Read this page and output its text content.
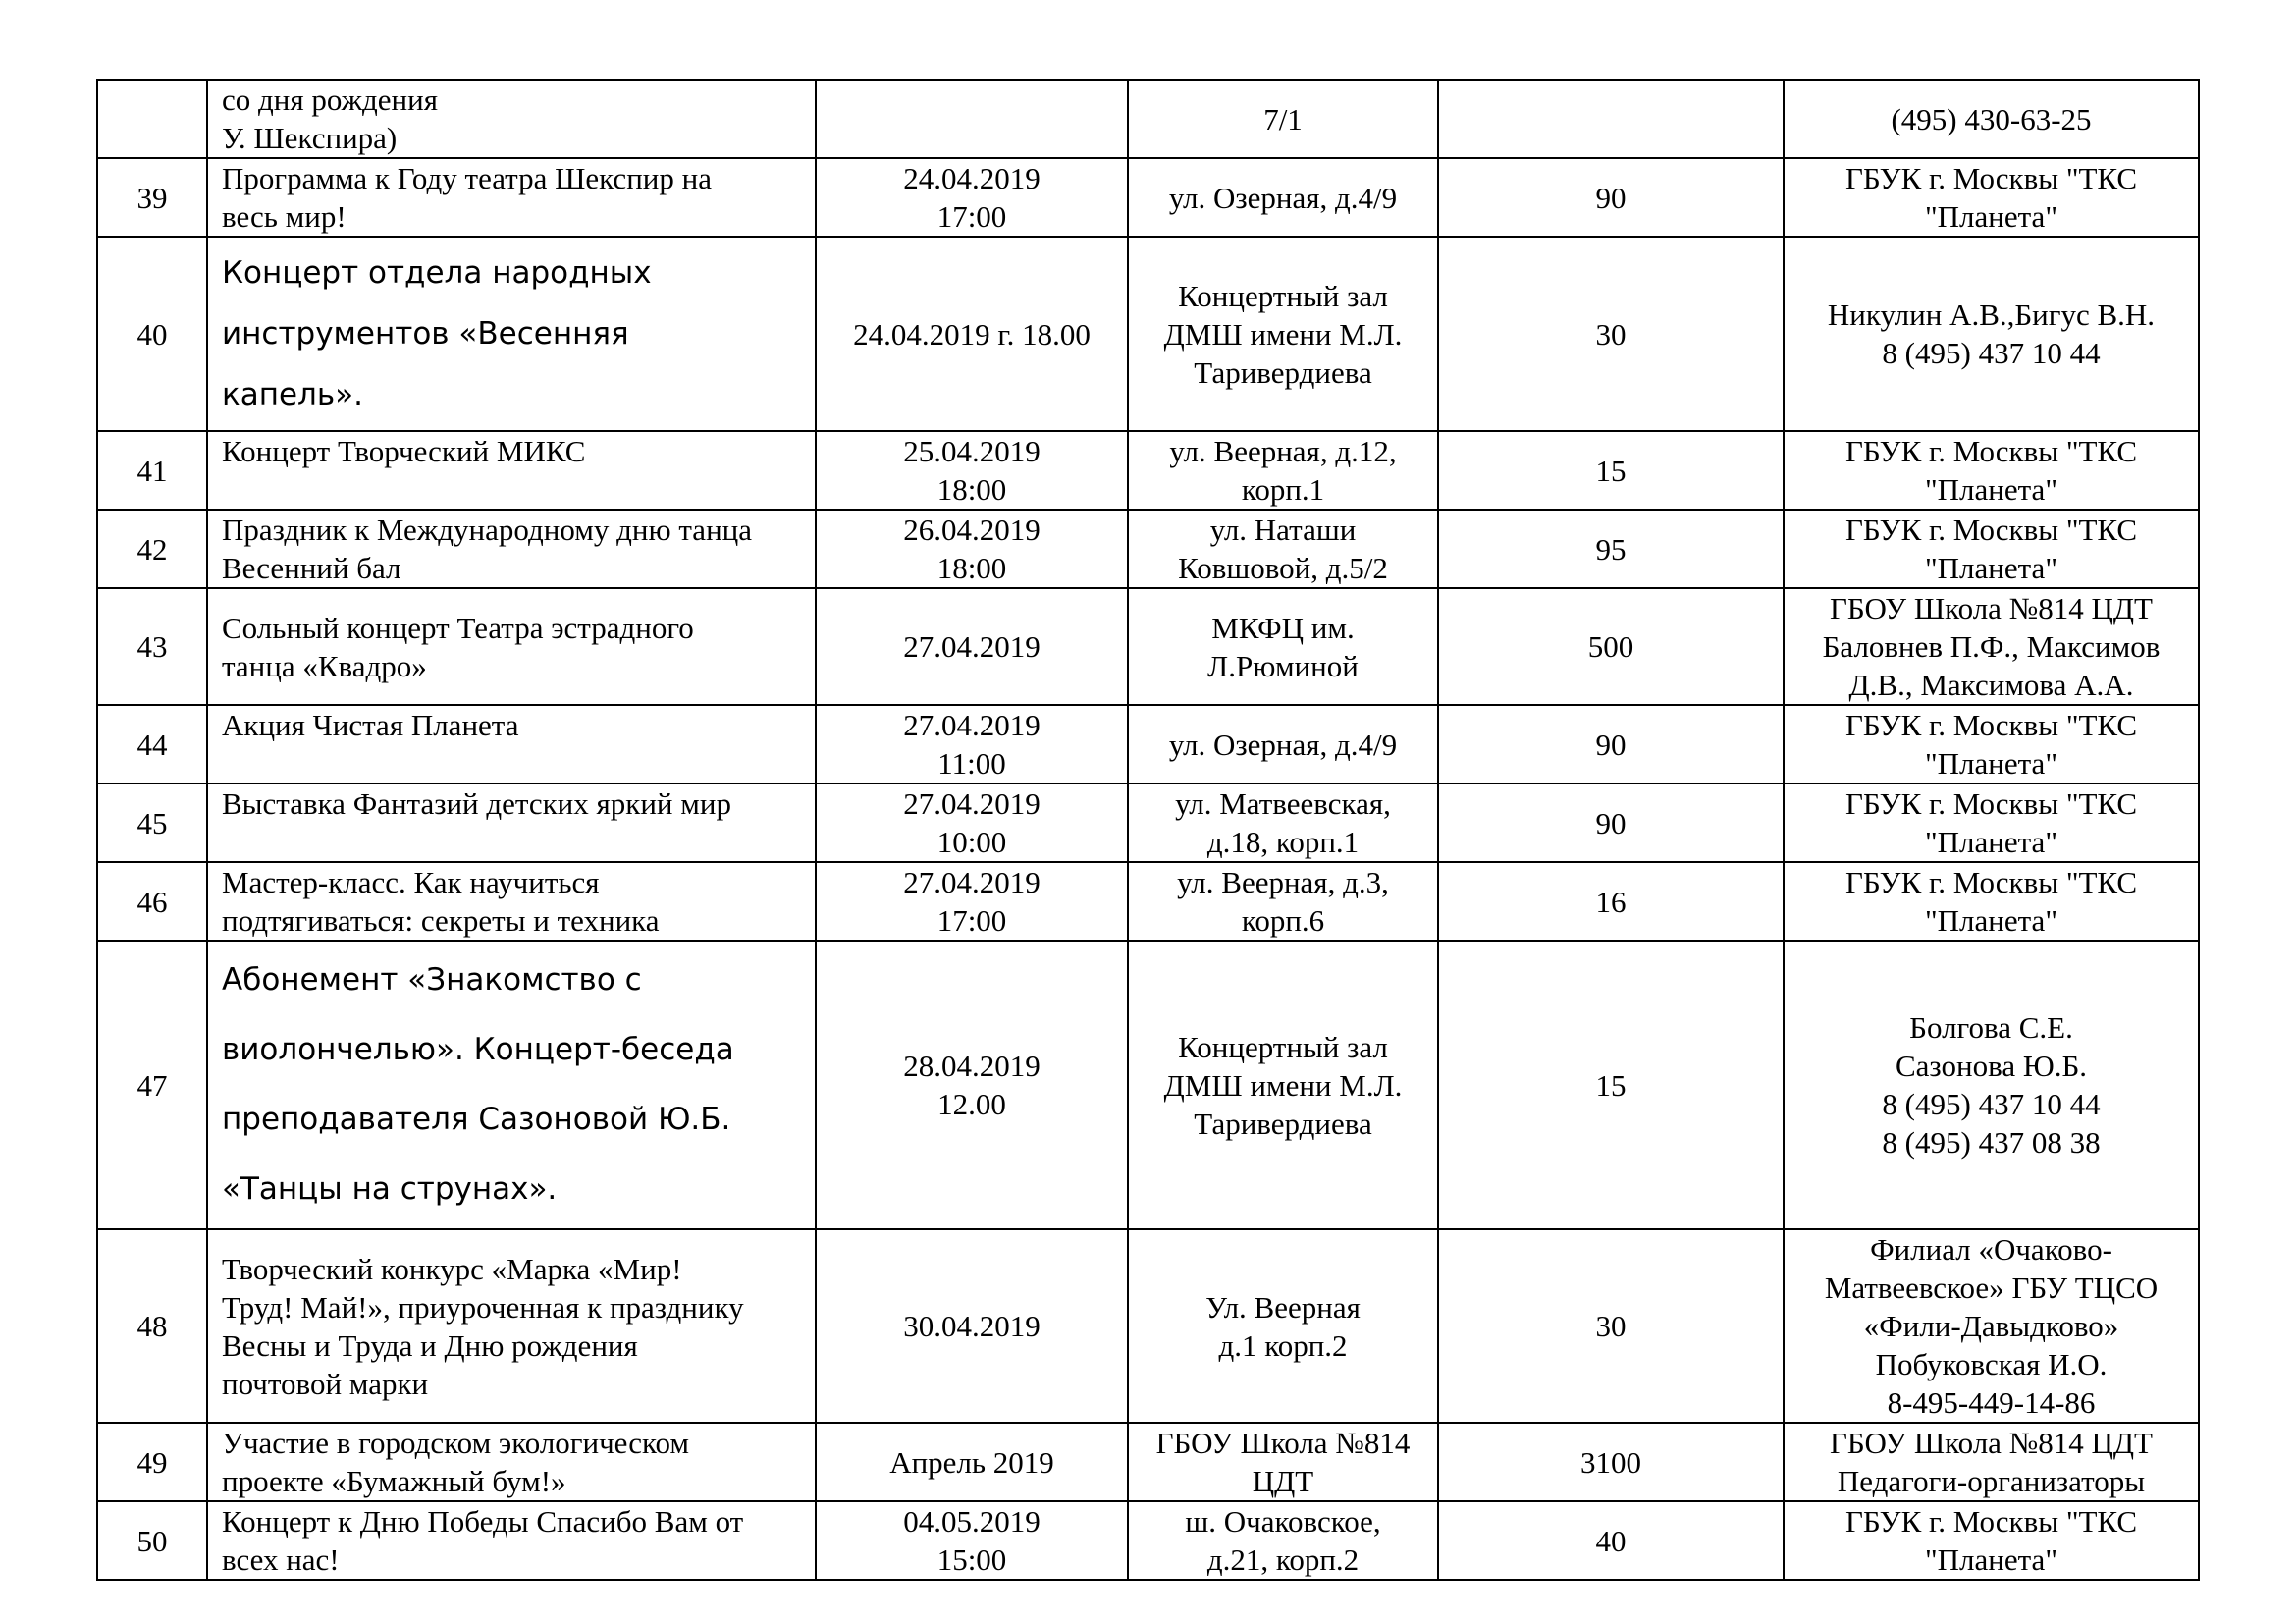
	со дня рождения
У. Шекспира)		7/1		(495) 430-63-25
39	Программа к Году театра Шекспир на
весь мир!	24.04.2019
17:00	ул. Озерная, д.4/9	90	ГБУК г. Москвы "ТКС
"Планета"
40	Концерт отдела народных
инструментов «Весенняя
капель».	24.04.2019 г. 18.00	Концертный зал
ДМШ имени М.Л.
Таривердиева	30	Никулин А.В.,Бигус В.Н.
8 (495) 437 10 44
41	Концерт Творческий МИКС	25.04.2019
18:00	ул. Веерная, д.12,
корп.1	15	ГБУК г. Москвы "ТКС
"Планета"
42	Праздник к Международному дню танца
Весенний бал	26.04.2019
18:00	ул. Наташи
Ковшовой, д.5/2	95	ГБУК г. Москвы "ТКС
"Планета"
43	Сольный концерт Театра эстрадного
танца «Квадро»	27.04.2019	МКФЦ им.
Л.Рюминой	500	ГБОУ Школа №814 ЦДТ
Баловнев П.Ф., Максимов
Д.В., Максимова А.А.
44	Акция Чистая Планета	27.04.2019
11:00	ул. Озерная, д.4/9	90	ГБУК г. Москвы "ТКС
"Планета"
45	Выставка Фантазий детских яркий мир	27.04.2019
10:00	ул. Матвеевская,
д.18, корп.1	90	ГБУК г. Москвы "ТКС
"Планета"
46	Мастер-класс. Как научиться
подтягиваться: секреты и техника	27.04.2019
17:00	ул. Веерная, д.3,
корп.6	16	ГБУК г. Москвы "ТКС
"Планета"
47	Абонемент «Знакомство с
виолончелью». Концерт-беседа
преподавателя Сазоновой Ю.Б.
«Танцы на струнах».	28.04.2019
12.00	Концертный зал
ДМШ имени М.Л.
Таривердиева	15	Болгова С.Е.
Сазонова Ю.Б.
8 (495) 437 10 44
8 (495) 437 08 38
48	Творческий конкурс «Марка «Мир!
Труд! Май!», приуроченная к празднику
Весны и Труда и Дню рождения
почтовой марки	30.04.2019	Ул. Веерная
д.1 корп.2	30	Филиал «Очаково-
Матвеевское» ГБУ ТЦСО
«Фили-Давыдково»
Побуковская И.О.
8-495-449-14-86
49	Участие в городском экологическом
проекте «Бумажный бум!»	Апрель 2019	ГБОУ Школа №814
ЦДТ	3100	ГБОУ Школа №814 ЦДТ
Педагоги-организаторы
50	Концерт к Дню Победы Спасибо Вам от
всех нас!	04.05.2019
15:00	ш. Очаковское,
д.21, корп.2	40	ГБУК г. Москвы "ТКС
"Планета"
